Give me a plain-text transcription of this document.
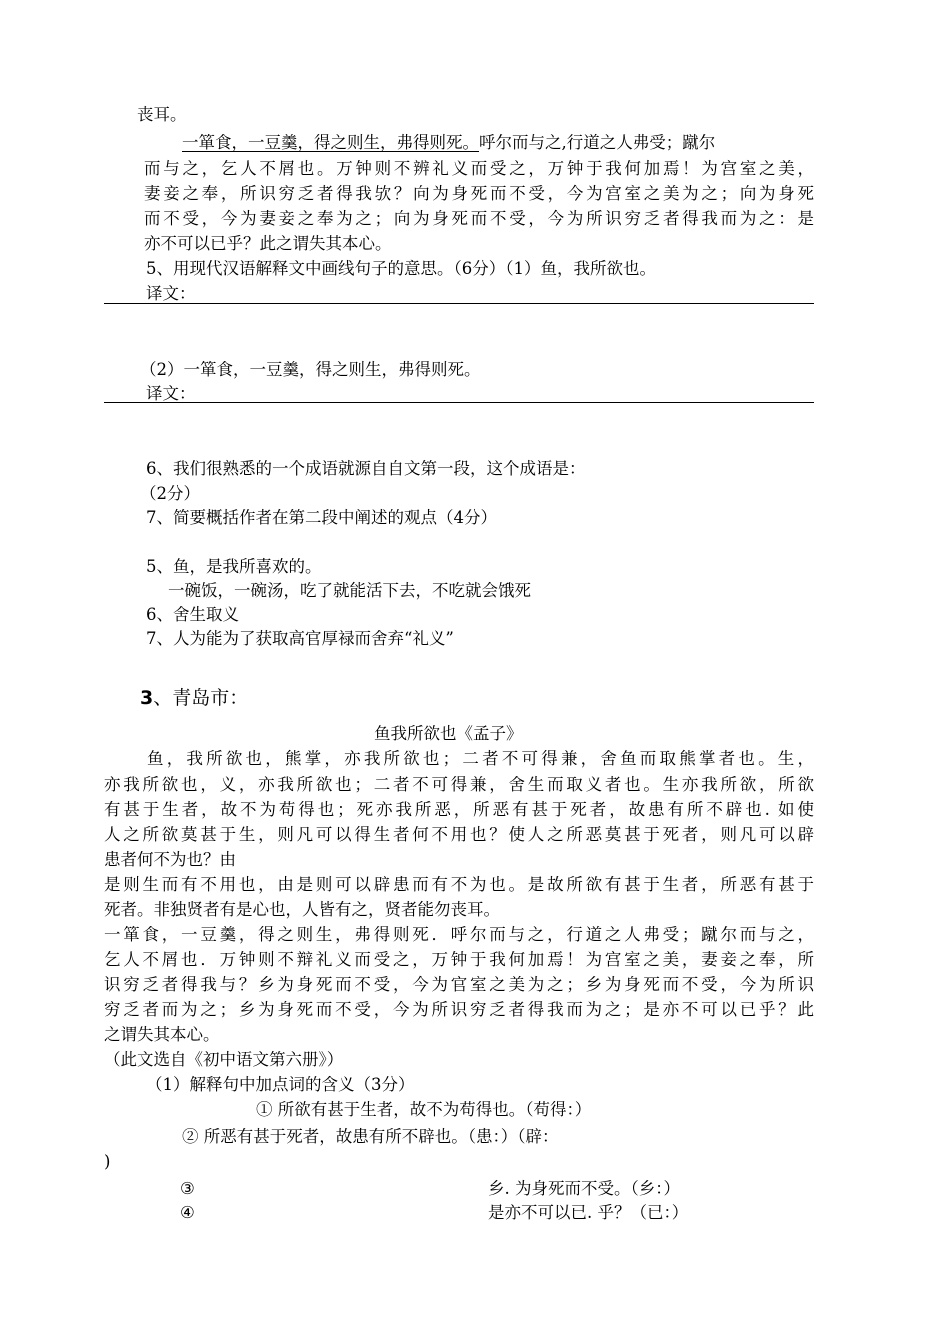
丧耳。
一箪食，一豆羹，得之则生，弗得则死。呼尔而与之,行道之人弗受；蹴尔
而与之，乞人不屑也。万钟则不辨礼义而受之，万钟于我何加焉！为宫室之美，
妻妾之奉，所识穷乏者得我欤？向为身死而不受，今为宫室之美为之；向为身死
而不受，今为妻妾之奉为之；向为身死而不受，今为所识穷乏者得我而为之：是
亦不可以已乎？此之谓失其本心。
5、用现代汉语解释文中画线句子的意思。（6分）（1）鱼，我所欲也。
译文：
（2）一箪食，一豆羹，得之则生，弗得则死。
译文：
6、我们很熟悉的一个成语就源自自文第一段，这个成语是：
（2分）
7、简要概括作者在第二段中阐述的观点（4分）
5、鱼，是我所喜欢的。
一碗饭，一碗汤，吃了就能活下去，不吃就会饿死
6、舍生取义
7、人为能为了获取高官厚禄而舍弃“礼义”
3、青岛市：
鱼我所欲也《孟子》
鱼，我所欲也，熊掌，亦我所欲也；二者不可得兼，舍鱼而取熊掌者也。生，
亦我所欲也，义，亦我所欲也；二者不可得兼，舍生而取义者也。生亦我所欲，所欲
有甚于生者，故不为苟得也；死亦我所恶，所恶有甚于死者，故患有所不辟也. 如使
人之所欲莫甚于生，则凡可以得生者何不用也？使人之所恶莫甚于死者，则凡可以辟
患者何不为也？由
是则生而有不用也，由是则可以辟患而有不为也。是故所欲有甚于生者，所恶有甚于
死者。非独贤者有是心也，人皆有之，贤者能勿丧耳。
一箪食，一豆羹，得之则生，弗得则死．呼尔而与之，行道之人弗受；蹴尔而与之，
乞人不屑也．万钟则不辩礼义而受之，万钟于我何加焉！为宫室之美，妻妾之奉，所
识穷乏者得我与？乡为身死而不受，今为官室之美为之；乡为身死而不受，今为所识
穷乏者而为之；乡为身死而不受，今为所识穷乏者得我而为之；是亦不可以已乎？此
之谓失其本心。
（此文选自《初中语文第六册》）
（1）解释句中加点词的含义（3分）
① 所欲有甚于生者，故不为苟得也。（苟得：）
② 所恶有甚于死者，故患有所不辟也。（患：）（辟：
)
③	乡. 为身死而不受。（乡：）
④	是亦不可以已. 乎？（已：）
